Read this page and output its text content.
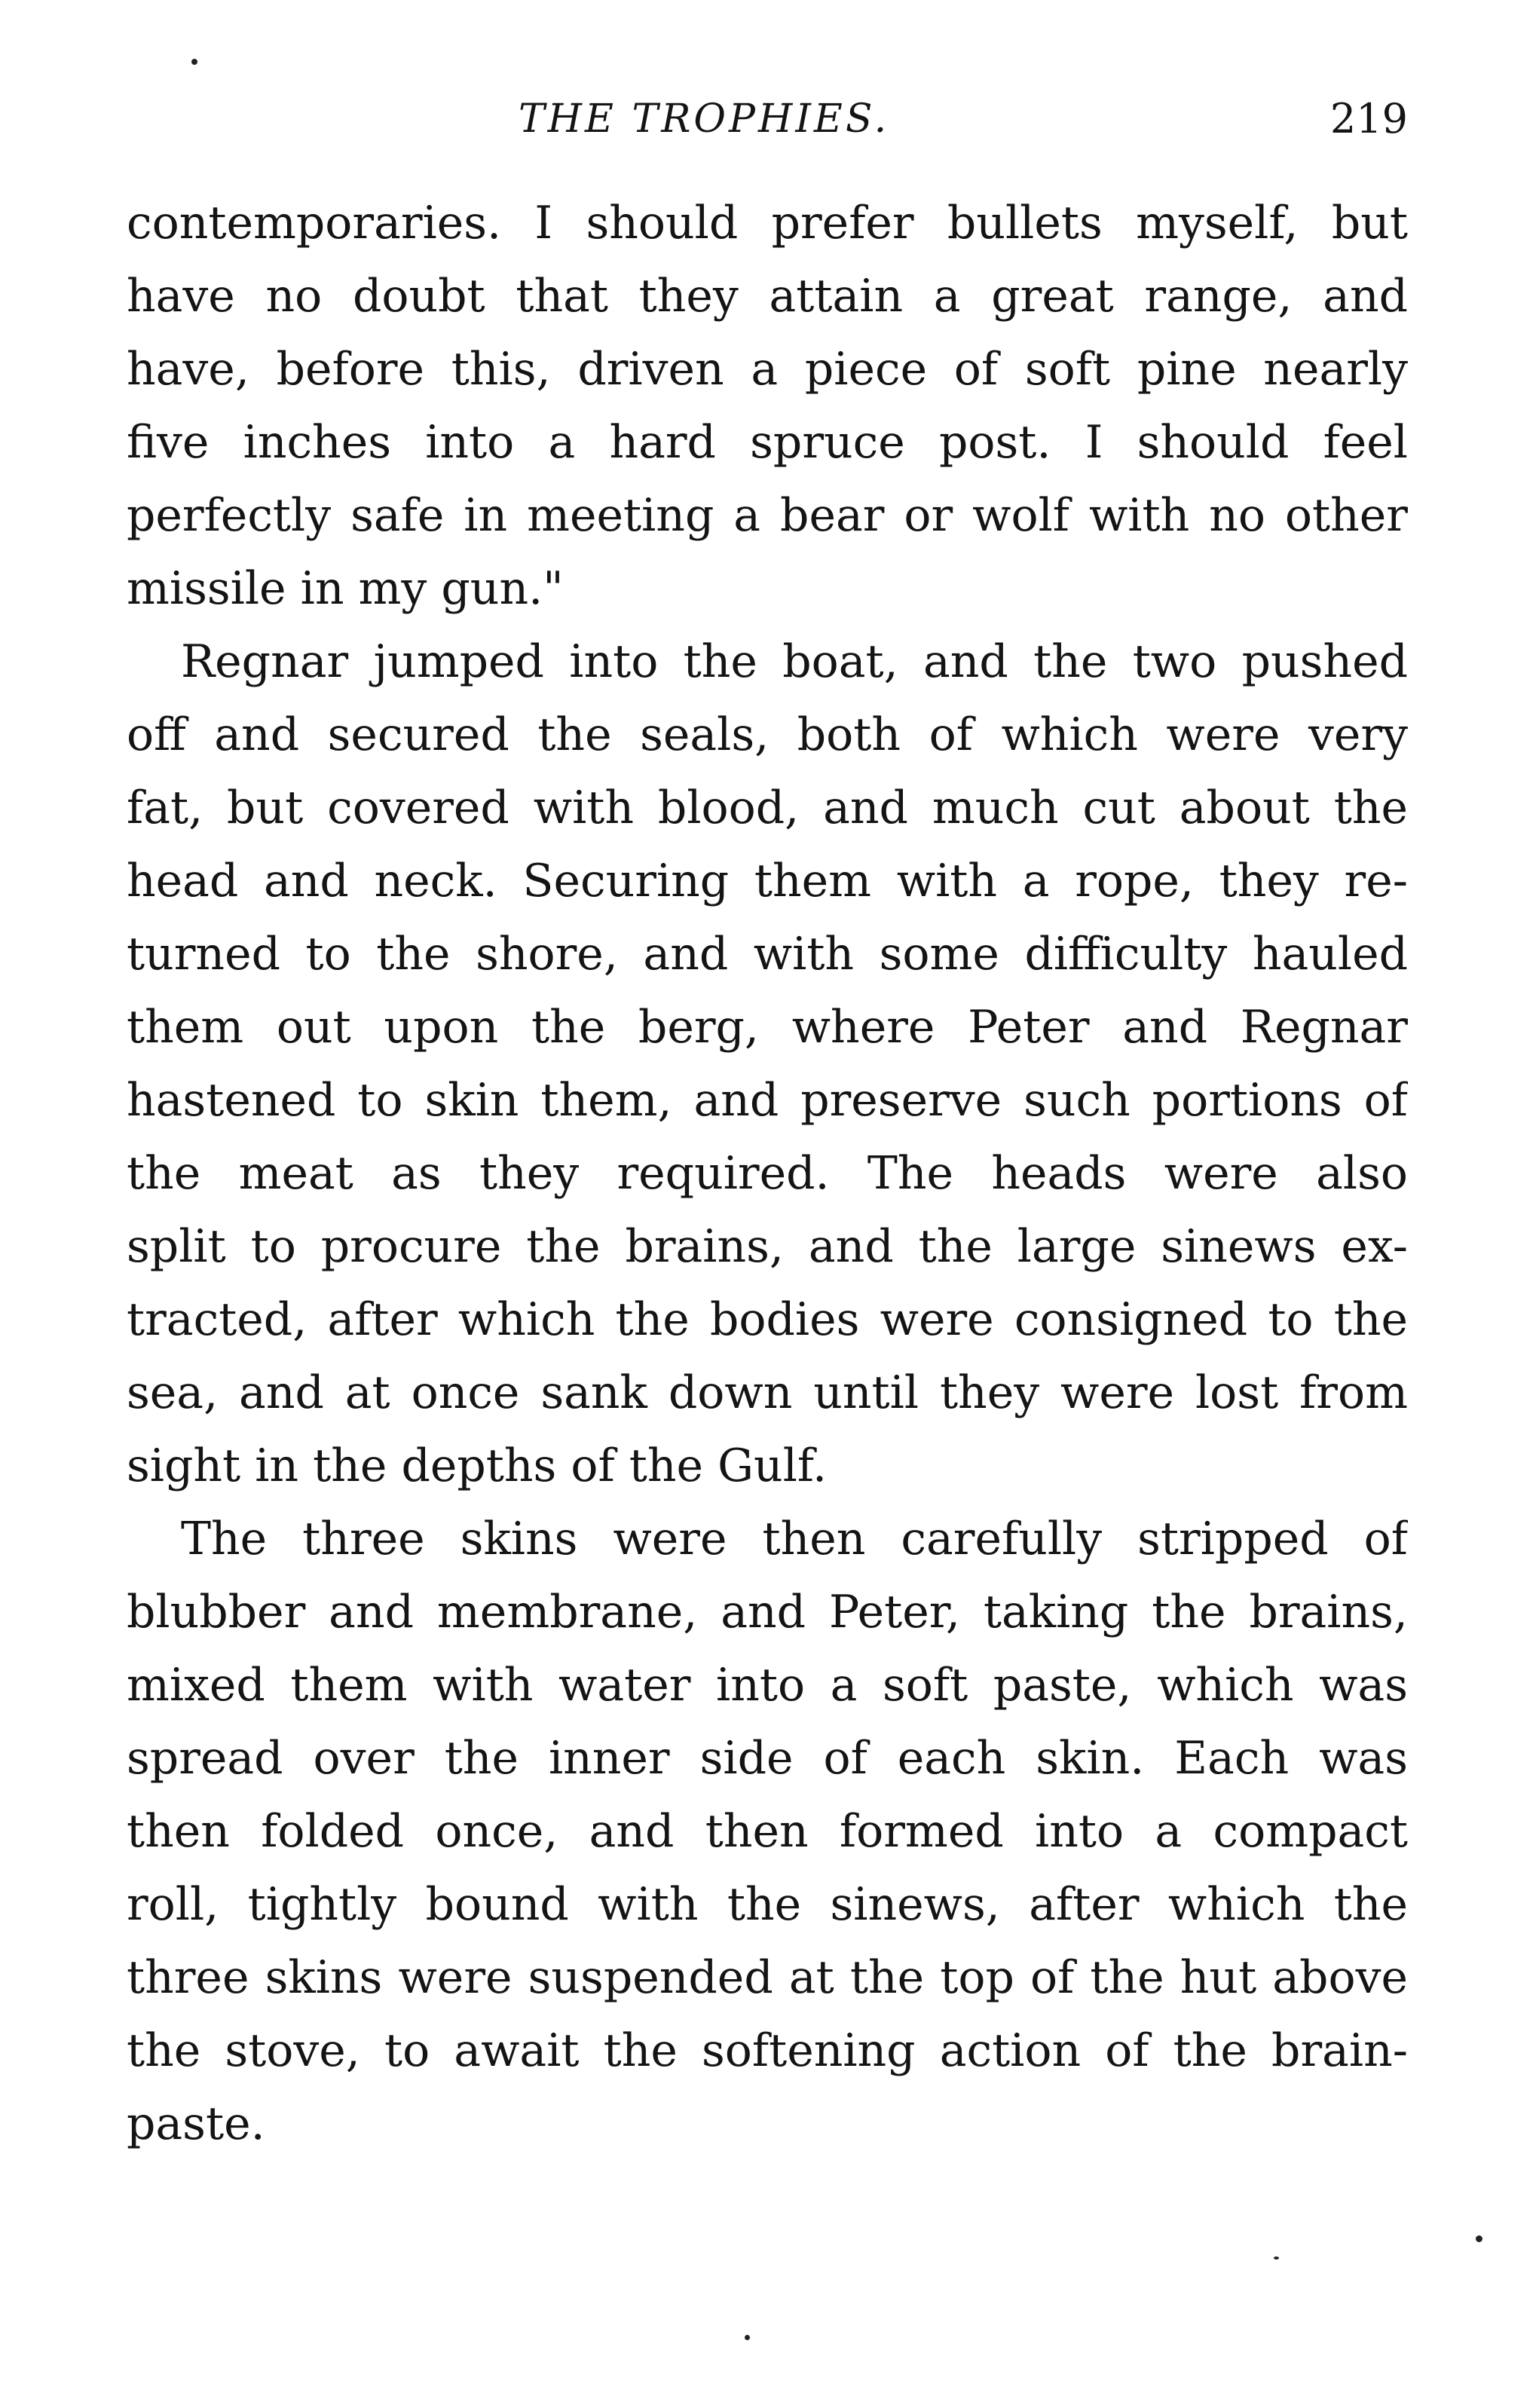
THE TROPHIES.	219
contemporaries. I should prefer bullets myself, but
have no doubt that they attain a great range, and
have, before this, driven a piece of soft pine nearly
five inches into a hard spruce post. I should feel
perfectly safe in meeting a bear or wolf with no other
missile in my gun."
Regnar jumped into the boat, and the two pushed
off and secured the seals, both of which were very
fat, but covered with blood, and much cut about the
head and neck. Securing them with a rope, they re-
turned to the shore, and with some difficulty hauled
them out upon the berg, where Peter and Regnar
hastened to skin them, and preserve such portions of
the meat as they required. The heads were also
split to procure the brains, and the large sinews ex-
tracted, after which the bodies were consigned to the
sea, and at once sank down until they were lost from
sight in the depths of the Gulf.
The three skins were then carefully stripped of
blubber and membrane, and Peter, taking the brains,
mixed them with water into a soft paste, which was
spread over the inner side of each skin. Each was
then folded once, and then formed into a compact
roll, tightly bound with the sinews, after which the
three skins were suspended at the top of the hut above
the stove, to await the softening action of the brain-
paste.
